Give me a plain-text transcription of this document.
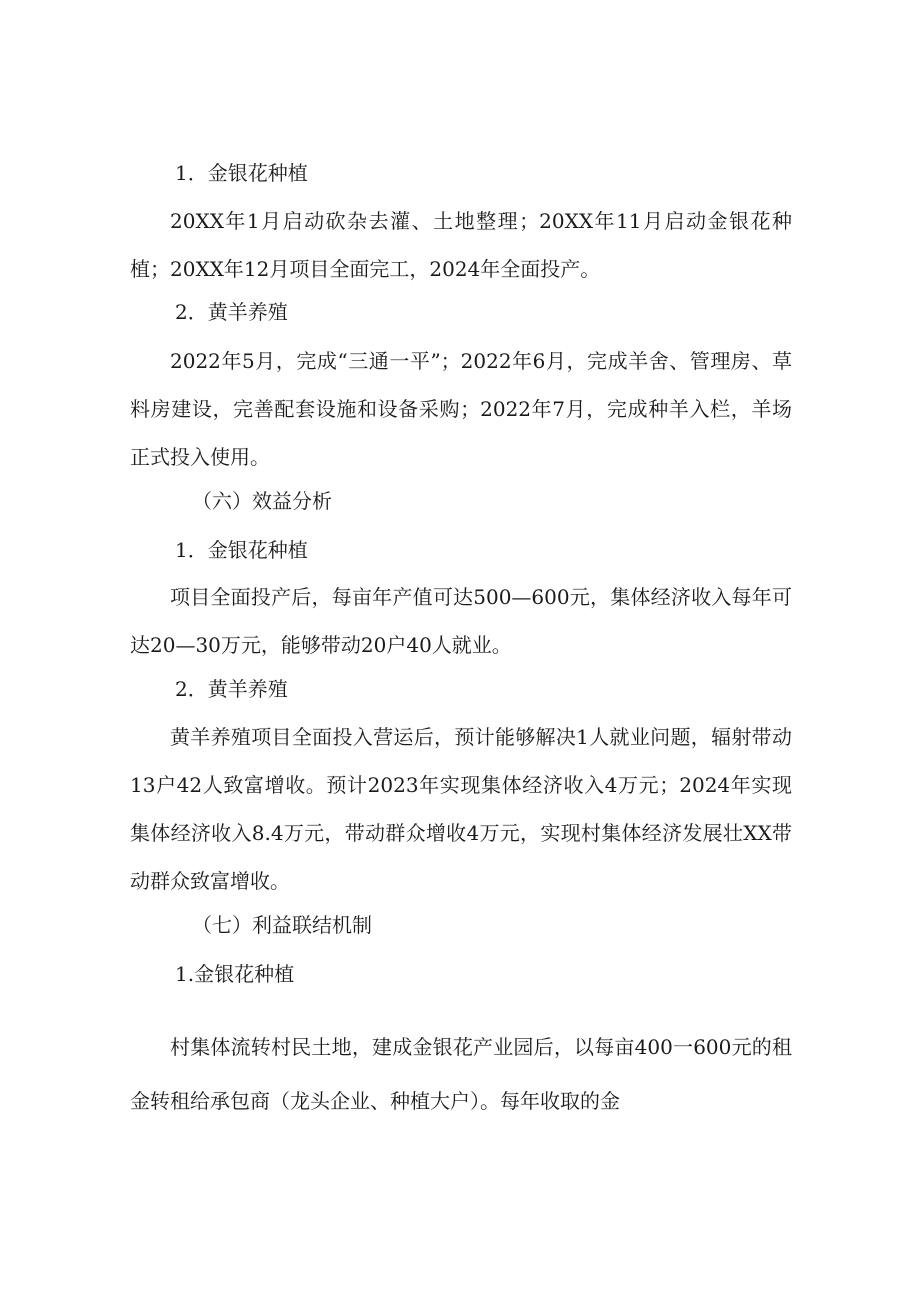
1．金银花种植

20XX年1月启动砍杂去灌、土地整理；20XX年11月启动金银花种植；20XX年12月项目全面完工，2024年全面投产。

2．黄羊养殖

2022年5月，完成“三通一平”；2022年6月，完成羊舍、管理房、草料房建设，完善配套设施和设备采购；2022年7月，完成种羊入栏，羊场正式投入使用。

（六）效益分析
1．金银花种植

项目全面投产后，每亩年产值可达500—600元，集体经济收入每年可达20—30万元，能够带动20户40人就业。

2．黄羊养殖

黄羊养殖项目全面投入营运后，预计能够解决1人就业问题，辐射带动13户42人致富增收。预计2023年实现集体经济收入4万元；2024年实现集体经济收入8.4万元，带动群众增收4万元，实现村集体经济发展壮XX带动群众致富增收。

（七）利益联结机制
1.金银花种植

村集体流转村民土地，建成金银花产业园后，以每亩400一600元的租金转租给承包商（龙头企业、种植大户）。每年收取的金
